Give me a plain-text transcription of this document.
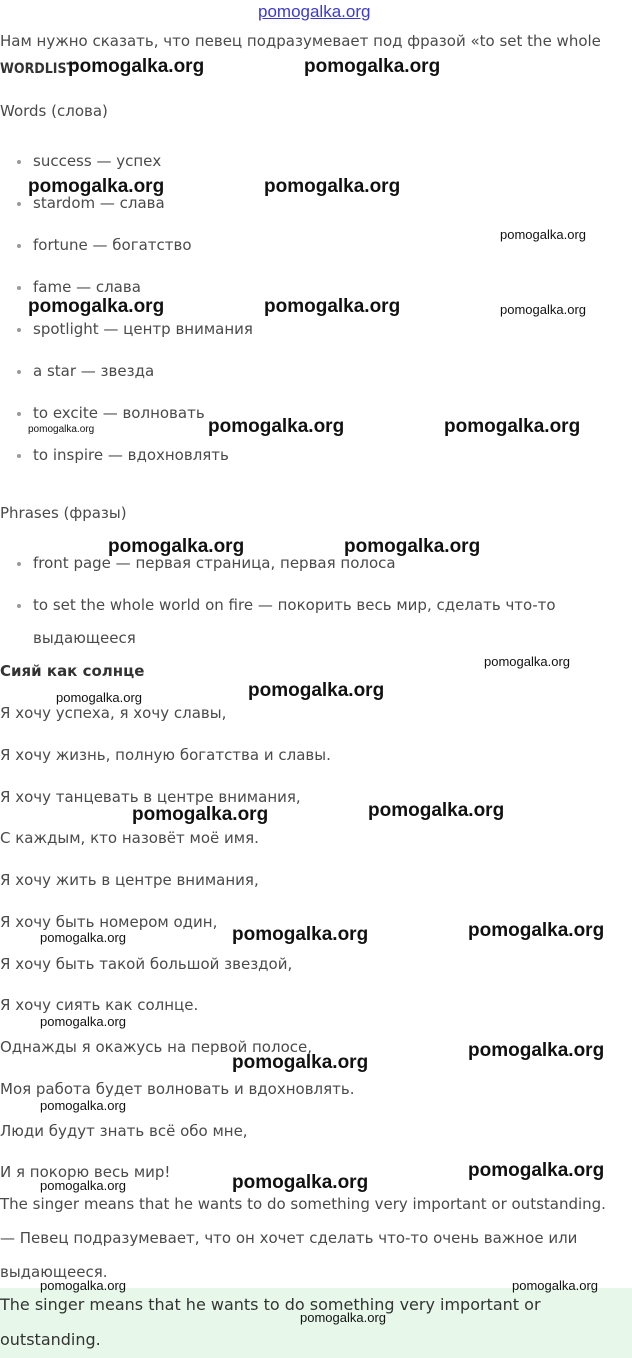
pomogalka.org
Нам нужно сказать, что певец подразумевает под фразой «to set the whole
WORDLIST
Words (слова)
success — успех
stardom — слава
fortune — богатство
fame — слава
spotlight — центр внимания
a star — звезда
to excite — волновать
to inspire — вдохновлять
Phrases (фразы)
front page — первая страница, первая полоса
to set the whole world on fire — покорить весь мир, сделать что-то
выдающееся
Сияй как солнце
Я хочу успеха, я хочу славы,
Я хочу жизнь, полную богатства и славы.
Я хочу танцевать в центре внимания,
С каждым, кто назовёт моё имя.
Я хочу жить в центре внимания,
Я хочу быть номером один,
Я хочу быть такой большой звездой,
Я хочу сиять как солнце.
Однажды я окажусь на первой полосе,
Моя работа будет волновать и вдохновлять.
Люди будут знать всё обо мне,
И я покорю весь мир!
The singer means that he wants to do something very important or outstanding.
— Певец подразумевает, что он хочет сделать что-то очень важное или
выдающееся.
The singer means that he wants to do something very important or
outstanding.
pomogalka.org	pomogalka.org
pomogalka.org	pomogalka.org
pomogalka.org
pomogalka.org	pomogalka.org	pomogalka.org
pomogalka.org	pomogalka.org	pomogalka.org
pomogalka.org	pomogalka.org
pomogalka.org
pomogalka.org	pomogalka.org
pomogalka.org	pomogalka.org
pomogalka.org	pomogalka.org	pomogalka.org
pomogalka.org
pomogalka.org
pomogalka.org
pomogalka.org
pomogalka.org	pomogalka.org
pomogalka.org
pomogalka.org	pomogalka.org
pomogalka.org
